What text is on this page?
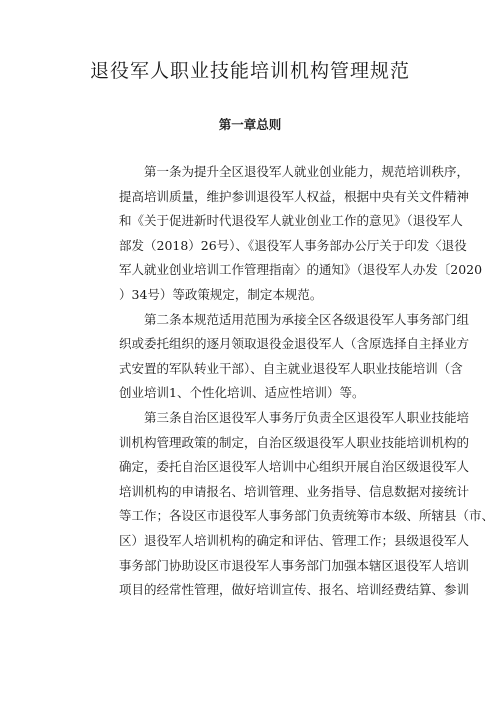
退役军人职业技能培训机构管理规范
第一章总则

第一条为提升全区退役军人就业创业能力，规范培训秩序，
提高培训质量，维护参训退役军人权益，根据中央有关文件精神
和《关于促进新时代退役军人就业创业工作的意见》（退役军人
部发（2018）26号）、《退役军人事务部办公厅关于印发〈退役
军人就业创业培训工作管理指南〉的通知》（退役军人办发〔2020
）34号）等政策规定，制定本规范。

第二条本规范适用范围为承接全区各级退役军人事务部门组
织或委托组织的逐月领取退役金退役军人（含原选择自主择业方
式安置的军队转业干部）、自主就业退役军人职业技能培训（含
创业培训1、个性化培训、适应性培训）等。

第三条自治区退役军人事务厅负责全区退役军人职业技能培
训机构管理政策的制定，自治区级退役军人职业技能培训机构的
确定，委托自治区退役军人培训中心组织开展自治区级退役军人
培训机构的申请报名、培训管理、业务指导、信息数据对接统计
等工作；各设区市退役军人事务部门负责统筹市本级、所辖县（市、
区）退役军人培训机构的确定和评估、管理工作；县级退役军人
事务部门协助设区市退役军人事务部门加强本辖区退役军人培训
项目的经常性管理，做好培训宣传、报名、培训经费结算、参训
